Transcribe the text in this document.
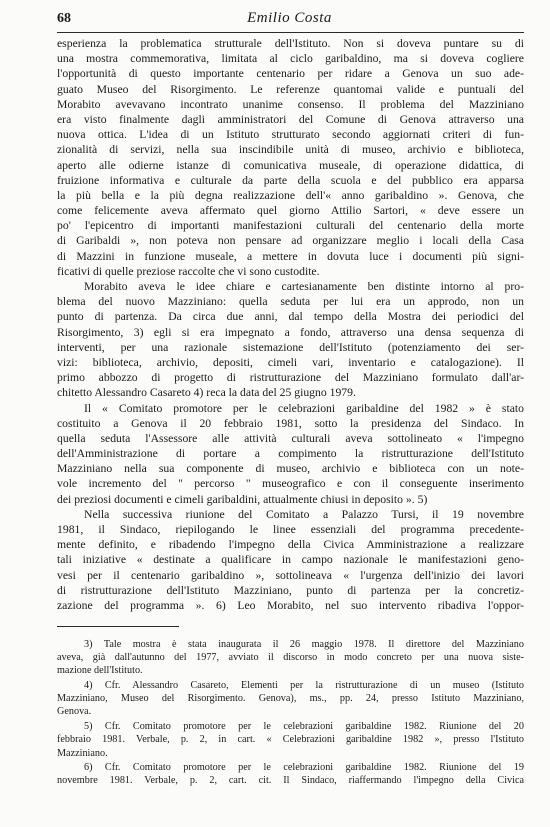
68	Emilio Costa
esperienza la problematica strutturale dell'Istituto. Non si doveva puntare su di
una mostra commemorativa, limitata al ciclo garibaldino, ma si doveva cogliere
l'opportunità di questo importante centenario per ridare a Genova un suo ade-
guato Museo del Risorgimento. Le referenze quantomai valide e puntuali del
Morabito avevavano incontrato unanime consenso. Il problema del Mazziniano
era visto finalmente dagli amministratori del Comune di Genova attraverso una
nuova ottica. L'idea di un Istituto strutturato secondo aggiornati criteri di fun-
zionalità di servizi, nella sua inscindibile unità di museo, archivio e biblioteca,
aperto alle odierne istanze di comunicativa museale, di operazione didattica, di
fruizione informativa e culturale da parte della scuola e del pubblico era apparsa
la più bella e la più degna realizzazione dell'« anno garibaldino ». Genova, che
come felicemente aveva affermato quel giorno Attilio Sartori, « deve essere un
po' l'epicentro di importanti manifestazioni culturali del centenario della morte
di Garibaldi », non poteva non pensare ad organizzare meglio i locali della Casa
di Mazzini in funzione museale, a mettere in dovuta luce i documenti più signi-
ficativi di quelle preziose raccolte che vi sono custodite.
Morabito aveva le idee chiare e cartesianamente ben distinte intorno al pro-
blema del nuovo Mazziniano: quella seduta per lui era un approdo, non un
punto di partenza. Da circa due anni, dal tempo della Mostra dei periodici del
Risorgimento, 3) egli si era impegnato a fondo, attraverso una densa sequenza di
interventi, per una razionale sistemazione dell'Istituto (potenziamento dei ser-
vizi: biblioteca, archivio, depositi, cimeli vari, inventario e catalogazione). Il
primo abbozzo di progetto di ristrutturazione del Mazziniano formulato dall'ar-
chitetto Alessandro Casareto 4) reca la data del 25 giugno 1979.
Il « Comitato promotore per le celebrazioni garibaldine del 1982 » è stato
costituito a Genova il 20 febbraio 1981, sotto la presidenza del Sindaco. In
quella seduta l'Assessore alle attività culturali aveva sottolineato « l'impegno
dell'Amministrazione di portare a compimento la ristrutturazione dell'Istituto
Mazziniano nella sua componente di museo, archivio e biblioteca con un note-
vole incremento del " percorso " museografico e con il conseguente inserimento
dei preziosi documenti e cimeli garibaldini, attualmente chiusi in deposito ». 5)
Nella successiva riunione del Comitato a Palazzo Tursi, il 19 novembre
1981, il Sindaco, riepilogando le linee essenziali del programma precedente-
mente definito, e ribadendo l'impegno della Civica Amministrazione a realizzare
tali iniziative « destinate a qualificare in campo nazionale le manifestazioni geno-
vesi per il centenario garibaldino », sottolineava « l'urgenza dell'inizio dei lavori
di ristrutturazione dell'Istituto Mazziniano, punto di partenza per la concretiz-
zazione del programma ». 6) Leo Morabito, nel suo intervento ribadiva l'oppor-
3) Tale mostra è stata inaugurata il 26 maggio 1978. Il direttore del Mazziniano
aveva, già dall'autunno del 1977, avviato il discorso in modo concreto per una nuova siste-
mazione dell'Istituto.
4) Cfr. Alessandro Casareto, Elementi per la ristrutturazione di un museo (Istituto
Mazziniano, Museo del Risorgimento. Genova), ms., pp. 24, presso Istituto Mazziniano,
Genova.
5) Cfr. Comitato promotore per le celebrazioni garibaldine 1982. Riunione del 20
febbraio 1981. Verbale, p. 2, in cart. « Celebrazioni garibaldine 1982 », presso l'Istituto
Mazziniano.
6) Cfr. Comitato promotore per le celebrazioni garibaldine 1982. Riunione del 19
novembre 1981. Verbale, p. 2, cart. cit. Il Sindaco, riaffermando l'impegno della Civica
